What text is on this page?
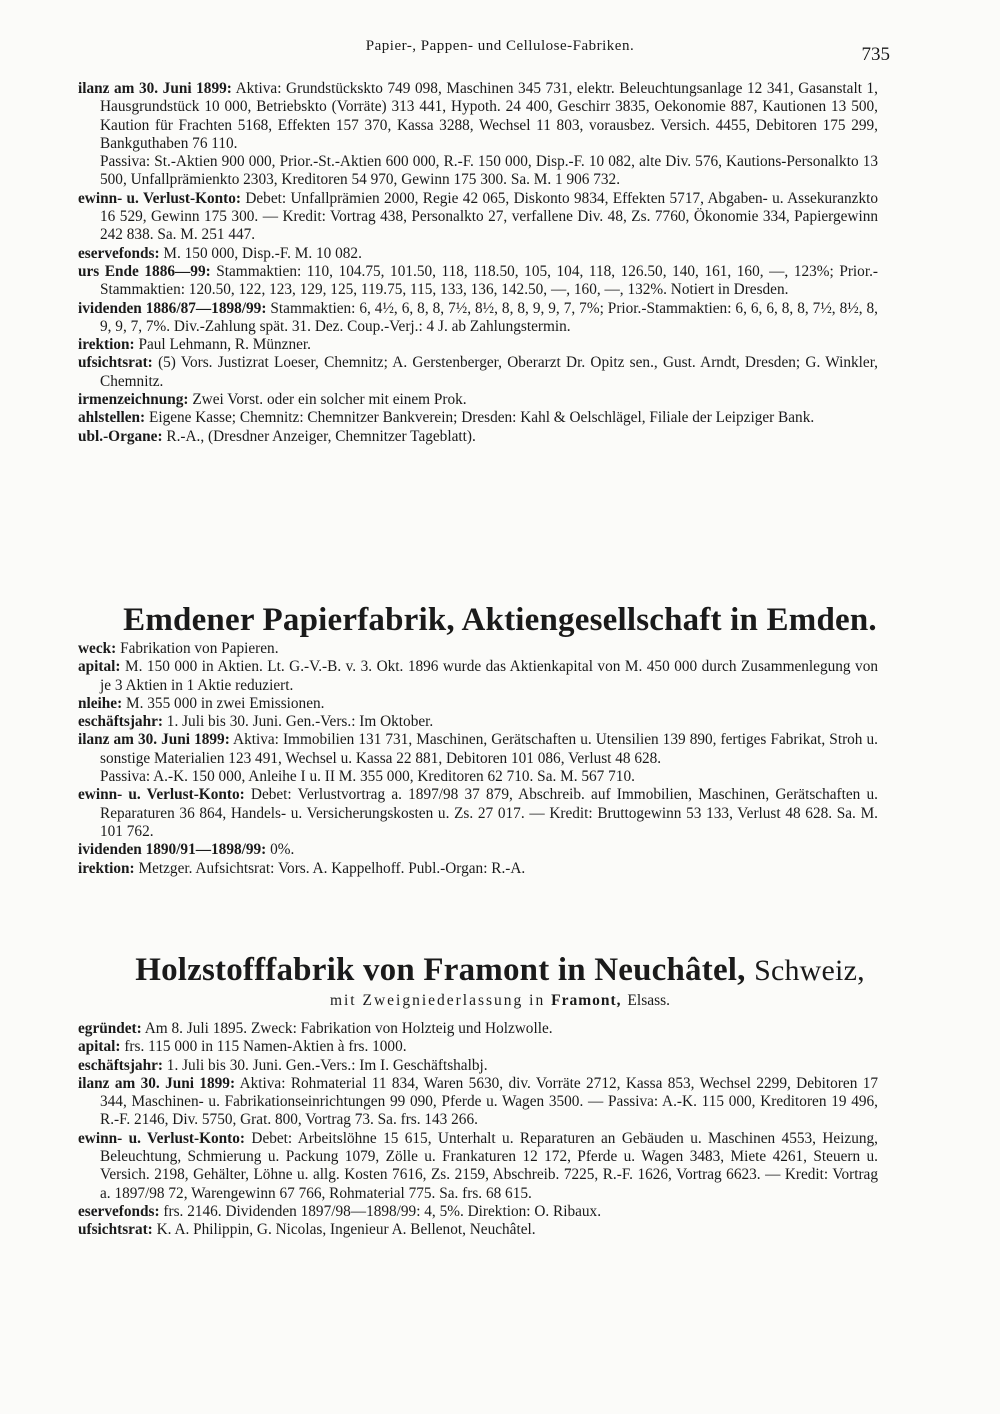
Papier-, Pappen- und Cellulose-Fabriken.	735

ilanz am 30. Juni 1899: Aktiva: Grundstückskto 749 098, Maschinen 345 731, elektr. Beleuchtungsanlage 12 341, Gasanstalt 1, Hausgrundstück 10 000, Betriebskto (Vorräte) 313 441, Hypoth. 24 400, Geschirr 3835, Oekonomie 887, Kautionen 13 500, Kaution für Frachten 5168, Effekten 157 370, Kassa 3288, Wechsel 11 803, vorausbez. Versich. 4455, Debitoren 175 299, Bankguthaben 76 110.

Passiva: St.-Aktien 900 000, Prior.-St.-Aktien 600 000, R.-F. 150 000, Disp.-F. 10 082, alte Div. 576, Kautions-Personalkto 13 500, Unfallprämienkto 2303, Kreditoren 54 970, Gewinn 175 300. Sa. M. 1 906 732.

ewinn- u. Verlust-Konto: Debet: Unfallprämien 2000, Regie 42 065, Diskonto 9834, Effekten 5717, Abgaben- u. Assekuranzkto 16 529, Gewinn 175 300. — Kredit: Vortrag 438, Personalkto 27, verfallene Div. 48, Zs. 7760, Ökonomie 334, Papiergewinn 242 838. Sa. M. 251 447.

eservefonds: M. 150 000, Disp.-F. M. 10 082.

urs Ende 1886—99: Stammaktien: 110, 104.75, 101.50, 118, 118.50, 105, 104, 118, 126.50, 140, 161, 160, —, 123%; Prior.-Stammaktien: 120.50, 122, 123, 129, 125, 119.75, 115, 133, 136, 142.50, —, 160, —, 132%. Notiert in Dresden.

ividenden 1886/87—1898/99: Stammaktien: 6, 4½, 6, 8, 8, 7½, 8½, 8, 8, 9, 9, 7, 7%; Prior.-Stammaktien: 6, 6, 6, 8, 8, 7½, 8½, 8, 9, 9, 7, 7%. Div.-Zahlung spät. 31. Dez. Coup.-Verj.: 4 J. ab Zahlungstermin.

irektion: Paul Lehmann, R. Münzner.

ufsichtsrat: (5) Vors. Justizrat Loeser, Chemnitz; A. Gerstenberger, Oberarzt Dr. Opitz sen., Gust. Arndt, Dresden; G. Winkler, Chemnitz.

irmenzeichnung: Zwei Vorst. oder ein solcher mit einem Prok.

ahlstellen: Eigene Kasse; Chemnitz: Chemnitzer Bankverein; Dresden: Kahl & Oelschlägel, Filiale der Leipziger Bank.

ubl.-Organe: R.-A., (Dresdner Anzeiger, Chemnitzer Tageblatt).

Emdener Papierfabrik, Aktiengesellschaft in Emden.

weck: Fabrikation von Papieren.

apital: M. 150 000 in Aktien. Lt. G.-V.-B. v. 3. Okt. 1896 wurde das Aktienkapital von M. 450 000 durch Zusammenlegung von je 3 Aktien in 1 Aktie reduziert.

nleihe: M. 355 000 in zwei Emissionen.

eschäftsjahr: 1. Juli bis 30. Juni. Gen.-Vers.: Im Oktober.

ilanz am 30. Juni 1899: Aktiva: Immobilien 131 731, Maschinen, Gerätschaften u. Utensilien 139 890, fertiges Fabrikat, Stroh u. sonstige Materialien 123 491, Wechsel u. Kassa 22 881, Debitoren 101 086, Verlust 48 628.

Passiva: A.-K. 150 000, Anleihe I u. II M. 355 000, Kreditoren 62 710. Sa. M. 567 710.

ewinn- u. Verlust-Konto: Debet: Verlustvortrag a. 1897/98 37 879, Abschreib. auf Immobilien, Maschinen, Gerätschaften u. Reparaturen 36 864, Handels- u. Versicherungskosten u. Zs. 27 017. — Kredit: Bruttogewinn 53 133, Verlust 48 628. Sa. M. 101 762.

ividenden 1890/91—1898/99: 0%.

irektion: Metzger. Aufsichtsrat: Vors. A. Kappelhoff. Publ.-Organ: R.-A.

Holzstofffabrik von Framont in Neuchâtel, Schweiz,
mit Zweigniederlassung in Framont, Elsass.

egründet: Am 8. Juli 1895. Zweck: Fabrikation von Holzteig und Holzwolle.

apital: frs. 115 000 in 115 Namen-Aktien à frs. 1000.

eschäftsjahr: 1. Juli bis 30. Juni. Gen.-Vers.: Im I. Geschäftshalbj.

ilanz am 30. Juni 1899: Aktiva: Rohmaterial 11 834, Waren 5630, div. Vorräte 2712, Kassa 853, Wechsel 2299, Debitoren 17 344, Maschinen- u. Fabrikationseinrichtungen 99 090, Pferde u. Wagen 3500. — Passiva: A.-K. 115 000, Kreditoren 19 496, R.-F. 2146, Div. 5750, Grat. 800, Vortrag 73. Sa. frs. 143 266.

ewinn- u. Verlust-Konto: Debet: Arbeitslöhne 15 615, Unterhalt u. Reparaturen an Gebäuden u. Maschinen 4553, Heizung, Beleuchtung, Schmierung u. Packung 1079, Zölle u. Frankaturen 12 172, Pferde u. Wagen 3483, Miete 4261, Steuern u. Versich. 2198, Gehälter, Löhne u. allg. Kosten 7616, Zs. 2159, Abschreib. 7225, R.-F. 1626, Vortrag 6623. — Kredit: Vortrag a. 1897/98 72, Warengewinn 67 766, Rohmaterial 775. Sa. frs. 68 615.

eservefonds: frs. 2146. Dividenden 1897/98—1898/99: 4, 5%. Direktion: O. Ribaux.

ufsichtsrat: K. A. Philippin, G. Nicolas, Ingenieur A. Bellenot, Neuchâtel.
